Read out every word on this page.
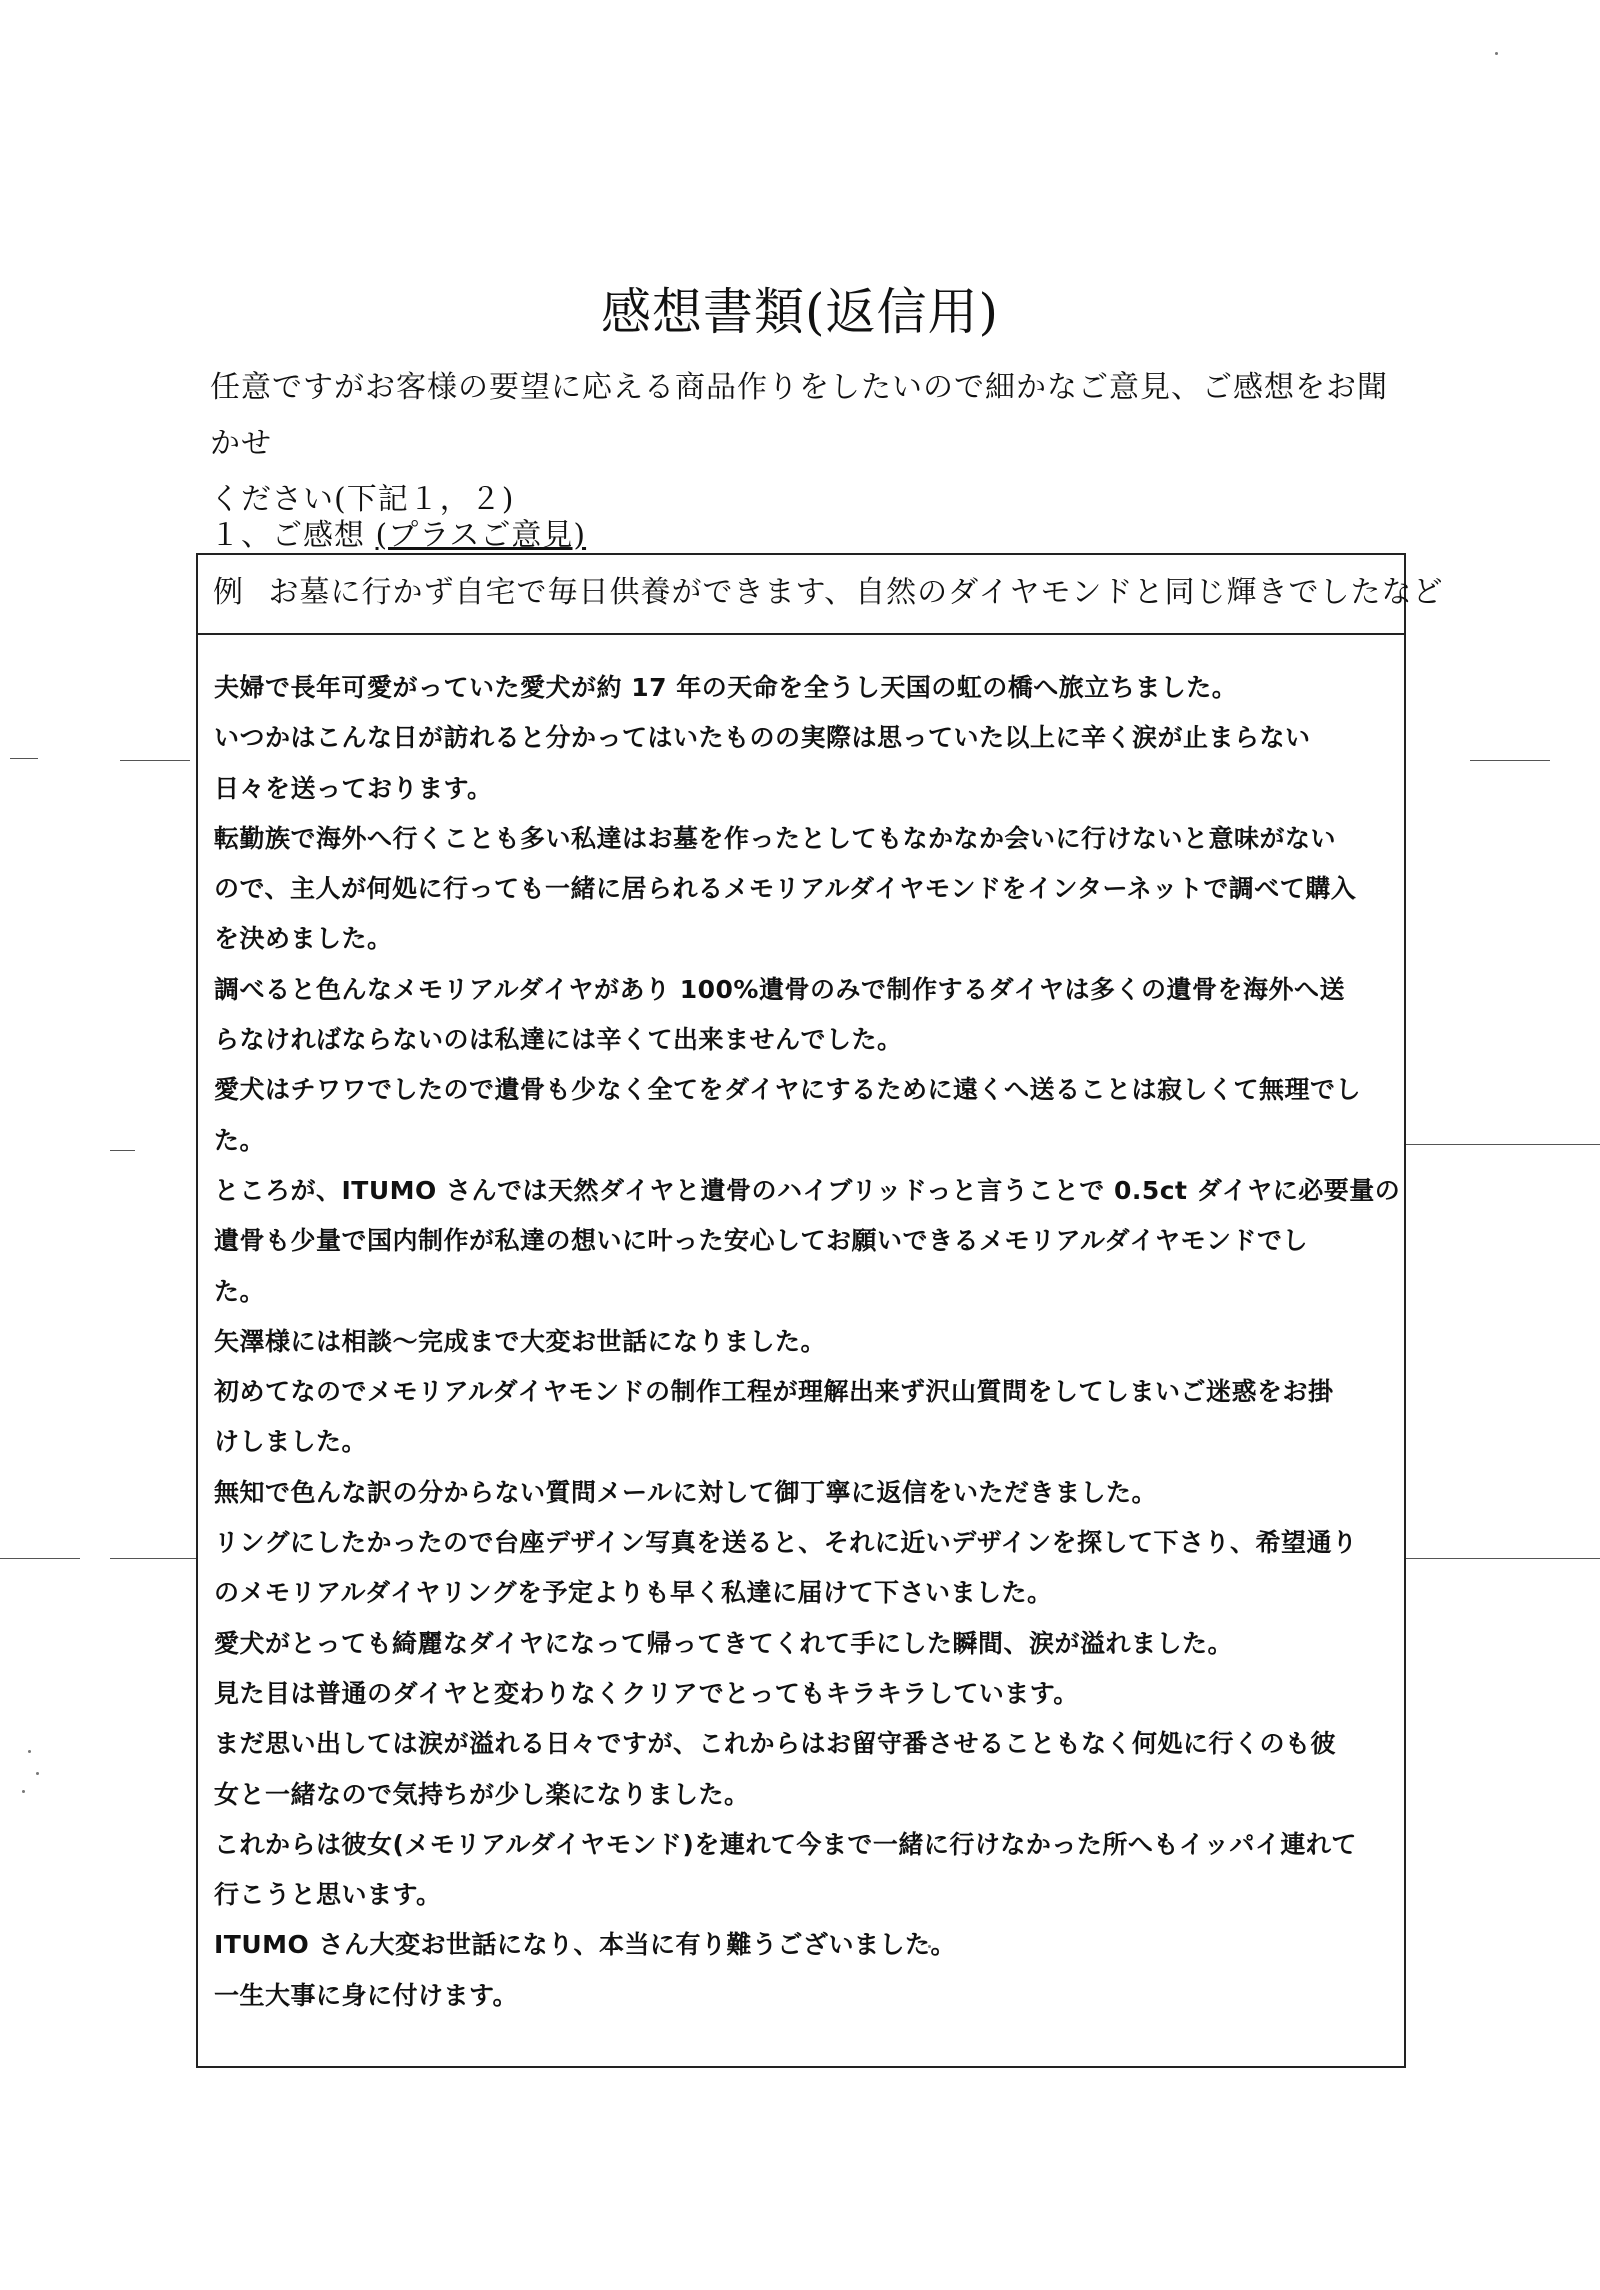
感想書類(返信用)
任意ですがお客様の要望に応える商品作りをしたいので細かなご意見、ご感想をお聞かせ
ください(下記１，２)
１、ご感想 (プラスご意見)
例 お墓に行かず自宅で毎日供養ができます、自然のダイヤモンドと同じ輝きでしたなど
夫婦で長年可愛がっていた愛犬が約 17 年の天命を全うし天国の虹の橋へ旅立ちました。
いつかはこんな日が訪れると分かってはいたものの実際は思っていた以上に辛く涙が止まらない
日々を送っております。
転勤族で海外へ行くことも多い私達はお墓を作ったとしてもなかなか会いに行けないと意味がない
ので、主人が何処に行っても一緒に居られるメモリアルダイヤモンドをインターネットで調べて購入
を決めました。
調べると色んなメモリアルダイヤがあり 100%遺骨のみで制作するダイヤは多くの遺骨を海外へ送
らなければならないのは私達には辛くて出来ませんでした。
愛犬はチワワでしたので遺骨も少なく全てをダイヤにするために遠くへ送ることは寂しくて無理でし
た。
ところが、ITUMO さんでは天然ダイヤと遺骨のハイブリッドっと言うことで 0.5ct ダイヤに必要量の
遺骨も少量で国内制作が私達の想いに叶った安心してお願いできるメモリアルダイヤモンドでし
た。
矢澤様には相談～完成まで大変お世話になりました。
初めてなのでメモリアルダイヤモンドの制作工程が理解出来ず沢山質問をしてしまいご迷惑をお掛
けしました。
無知で色んな訳の分からない質問メールに対して御丁寧に返信をいただきました。
リングにしたかったので台座デザイン写真を送ると、それに近いデザインを探して下さり、希望通り
のメモリアルダイヤリングを予定よりも早く私達に届けて下さいました。
愛犬がとっても綺麗なダイヤになって帰ってきてくれて手にした瞬間、涙が溢れました。
見た目は普通のダイヤと変わりなくクリアでとってもキラキラしています。
まだ思い出しては涙が溢れる日々ですが、これからはお留守番させることもなく何処に行くのも彼
女と一緒なので気持ちが少し楽になりました。
これからは彼女(メモリアルダイヤモンド)を連れて今まで一緒に行けなかった所へもイッパイ連れて
行こうと思います。
ITUMO さん大変お世話になり、本当に有り難うございました。
一生大事に身に付けます。
